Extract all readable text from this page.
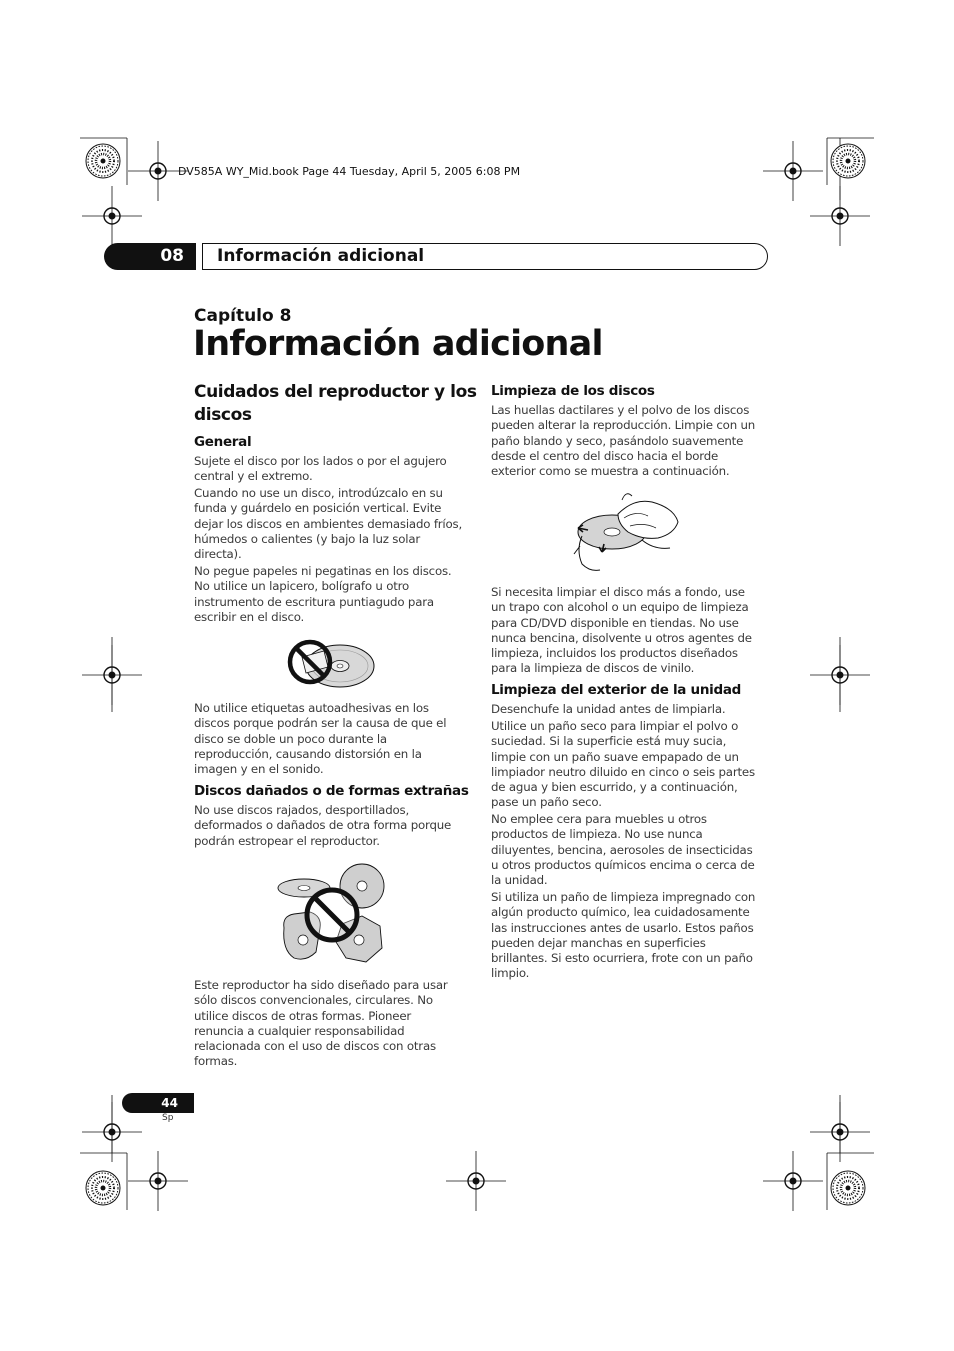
DV585A WY_Mid.book Page 44 Tuesday, April 5, 2005 6:08 PM
08	Información adicional
Capítulo 8
Información adicional
Cuidados del reproductor y los
discos
General
Sujete el disco por los lados o por el agujero
central y el extremo.
Cuando no use un disco, introdúzcalo en su
funda y guárdelo en posición vertical. Evite
dejar los discos en ambientes demasiado fríos,
húmedos o calientes (y bajo la luz solar
directa).
No pegue papeles ni pegatinas en los discos.
No utilice un lapicero, bolígrafo u otro
instrumento de escritura puntiagudo para
escribir en el disco.
No utilice etiquetas autoadhesivas en los
discos porque podrán ser la causa de que el
disco se doble un poco durante la
reproducción, causando distorsión en la
imagen y en el sonido.
Discos dañados o de formas extrañas
No use discos rajados, desportillados,
deformados o dañados de otra forma porque
podrán estropear el reproductor.
Este reproductor ha sido diseñado para usar
sólo discos convencionales, circulares. No
utilice discos de otras formas. Pioneer
renuncia a cualquier responsabilidad
relacionada con el uso de discos con otras
formas.
Limpieza de los discos
Las huellas dactilares y el polvo de los discos
pueden alterar la reproducción. Limpie con un
paño blando y seco, pasándolo suavemente
desde el centro del disco hacia el borde
exterior como se muestra a continuación.
Si necesita limpiar el disco más a fondo, use
un trapo con alcohol o un equipo de limpieza
para CD/DVD disponible en tiendas. No use
nunca bencina, disolvente u otros agentes de
limpieza, incluidos los productos diseñados
para la limpieza de discos de vinilo.
Limpieza del exterior de la unidad
Desenchufe la unidad antes de limpiarla.
Utilice un paño seco para limpiar el polvo o
suciedad. Si la superficie está muy sucia,
limpie con un paño suave empapado de un
limpiador neutro diluido en cinco o seis partes
de agua y bien escurrido, y a continuación,
pase un paño seco.
No emplee cera para muebles u otros
productos de limpieza. No use nunca
diluyentes, bencina, aerosoles de insecticidas
u otros productos químicos encima o cerca de
la unidad.
Si utiliza un paño de limpieza impregnado con
algún producto químico, lea cuidadosamente
las instrucciones antes de usarlo. Estos paños
pueden dejar manchas en superficies
brillantes. Si esto ocurriera, frote con un paño
limpio.
44
Sp
